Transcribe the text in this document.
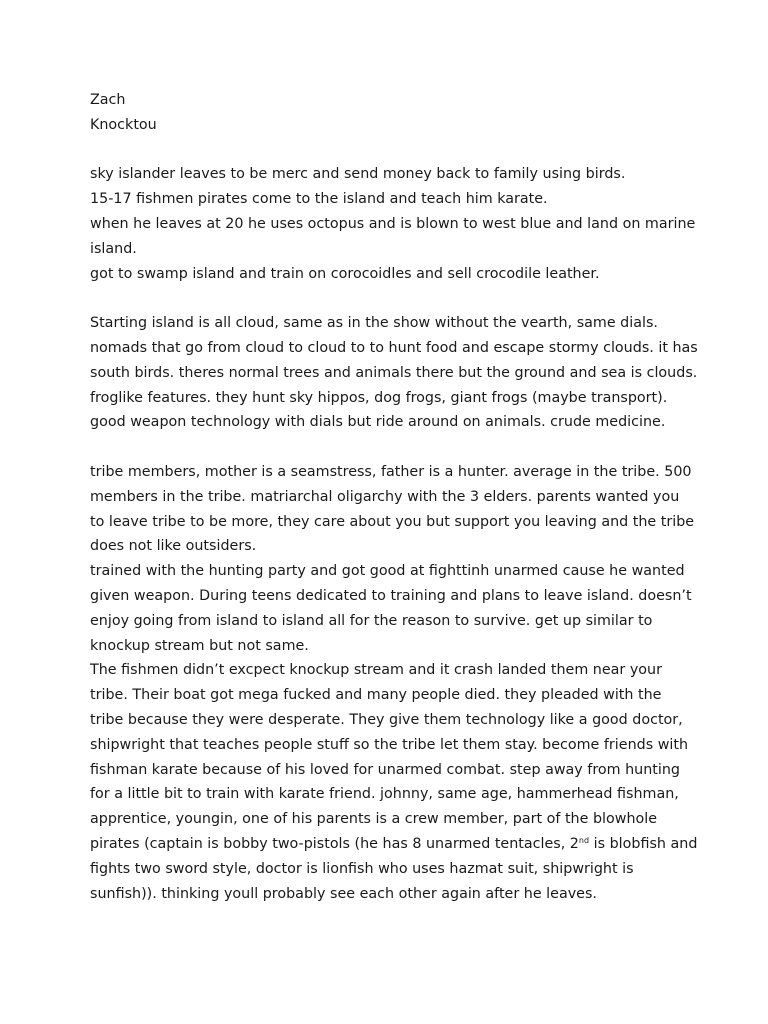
Zach
Knocktou
sky islander leaves to be merc and send money back to family using birds.
15-17 fishmen pirates come to the island and teach him karate.
when he leaves at 20 he uses octopus and is blown to west blue and land on marine
island.
got to swamp island and train on corocoidles and sell crocodile leather.
Starting island is all cloud, same as in the show without the vearth, same dials.
nomads that go from cloud to cloud to to hunt food and escape stormy clouds. it has
south birds. theres normal trees and animals there but the ground and sea is clouds.
froglike features. they hunt sky hippos, dog frogs, giant frogs (maybe transport).
good weapon technology with dials but ride around on animals. crude medicine.
tribe members, mother is a seamstress, father is a hunter. average in the tribe. 500
members in the tribe. matriarchal oligarchy with the 3 elders. parents wanted you
to leave tribe to be more, they care about you but support you leaving and the tribe
does not like outsiders.
trained with the hunting party and got good at fighttinh unarmed cause he wanted
given weapon. During teens dedicated to training and plans to leave island. doesn’t
enjoy going from island to island all for the reason to survive. get up similar to
knockup stream but not same.
The fishmen didn’t excpect knockup stream and it crash landed them near your
tribe. Their boat got mega fucked and many people died. they pleaded with the
tribe because they were desperate. They give them technology like a good doctor,
shipwright that teaches people stuff so the tribe let them stay. become friends with
fishman karate because of his loved for unarmed combat. step away from hunting
for a little bit to train with karate friend. johnny, same age, hammerhead fishman,
apprentice, youngin, one of his parents is a crew member, part of the blowhole
pirates (captain is bobby two-pistols (he has 8 unarmed tentacles, 2nd is blobfish and
fights two sword style, doctor is lionfish who uses hazmat suit, shipwright is
sunfish)). thinking youll probably see each other again after he leaves.
